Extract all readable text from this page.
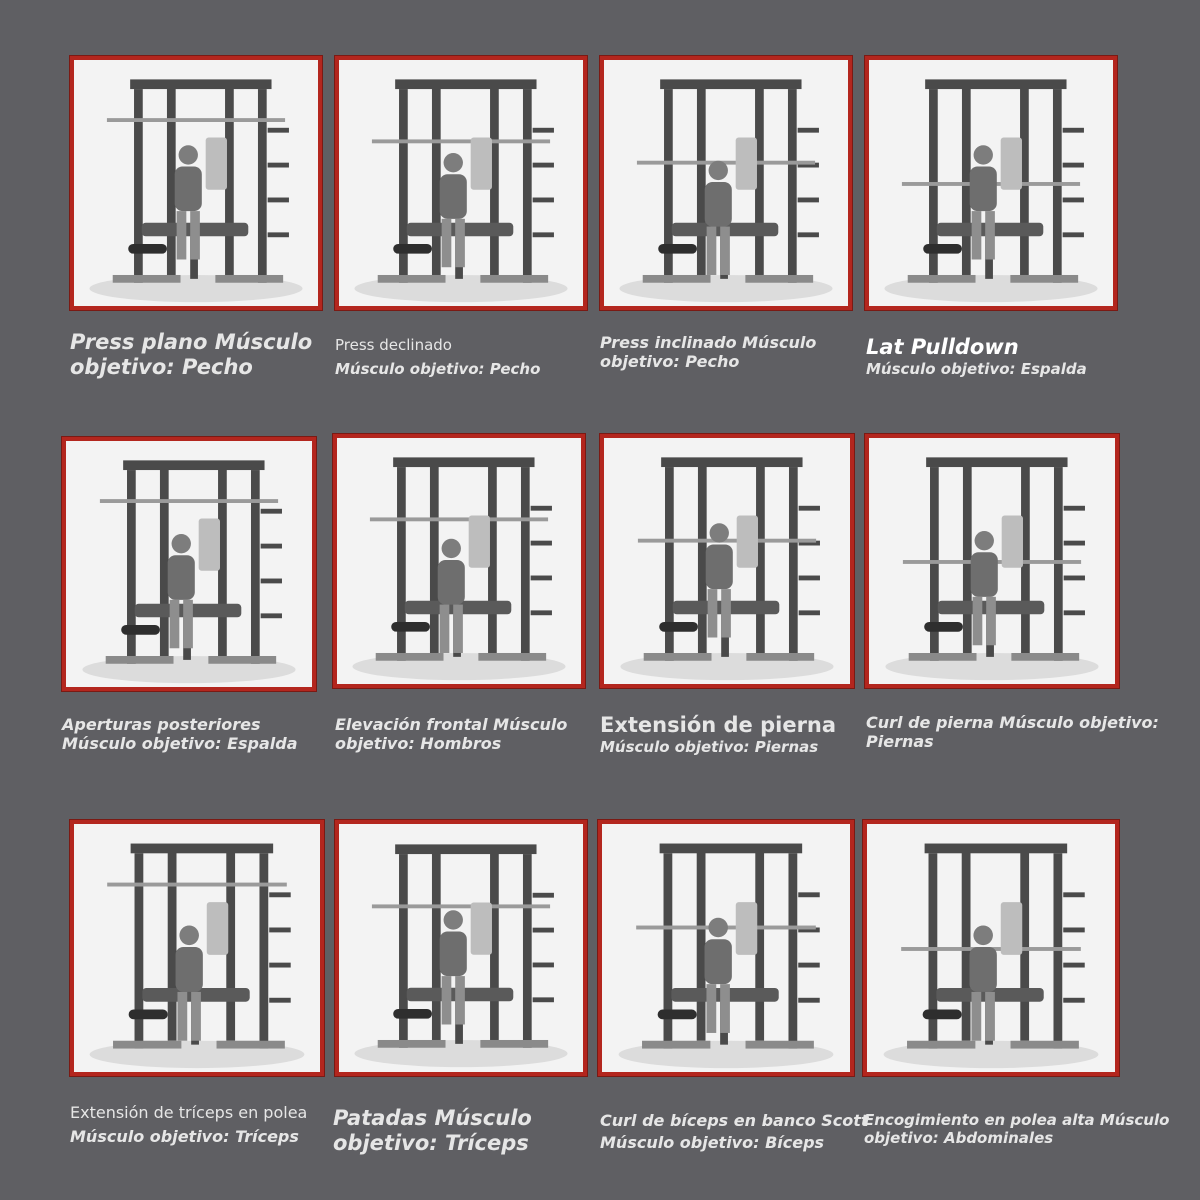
Press plano Músculo
objetivo: Pecho
Press declinado
Músculo objetivo: Pecho
Press inclinado Músculo
objetivo: Pecho
Lat Pulldown
Músculo objetivo: Espalda
Aperturas posteriores
Músculo objetivo: Espalda
Elevación frontal Músculo
objetivo: Hombros
Extensión de pierna
Músculo objetivo: Piernas
Curl de pierna Músculo objetivo:
Piernas
Extensión de tríceps en polea
Músculo objetivo: Tríceps
Patadas Músculo
objetivo: Tríceps
Curl de bíceps en banco Scott
Músculo objetivo: Bíceps
Encogimiento en polea alta Músculo
objetivo: Abdominales
